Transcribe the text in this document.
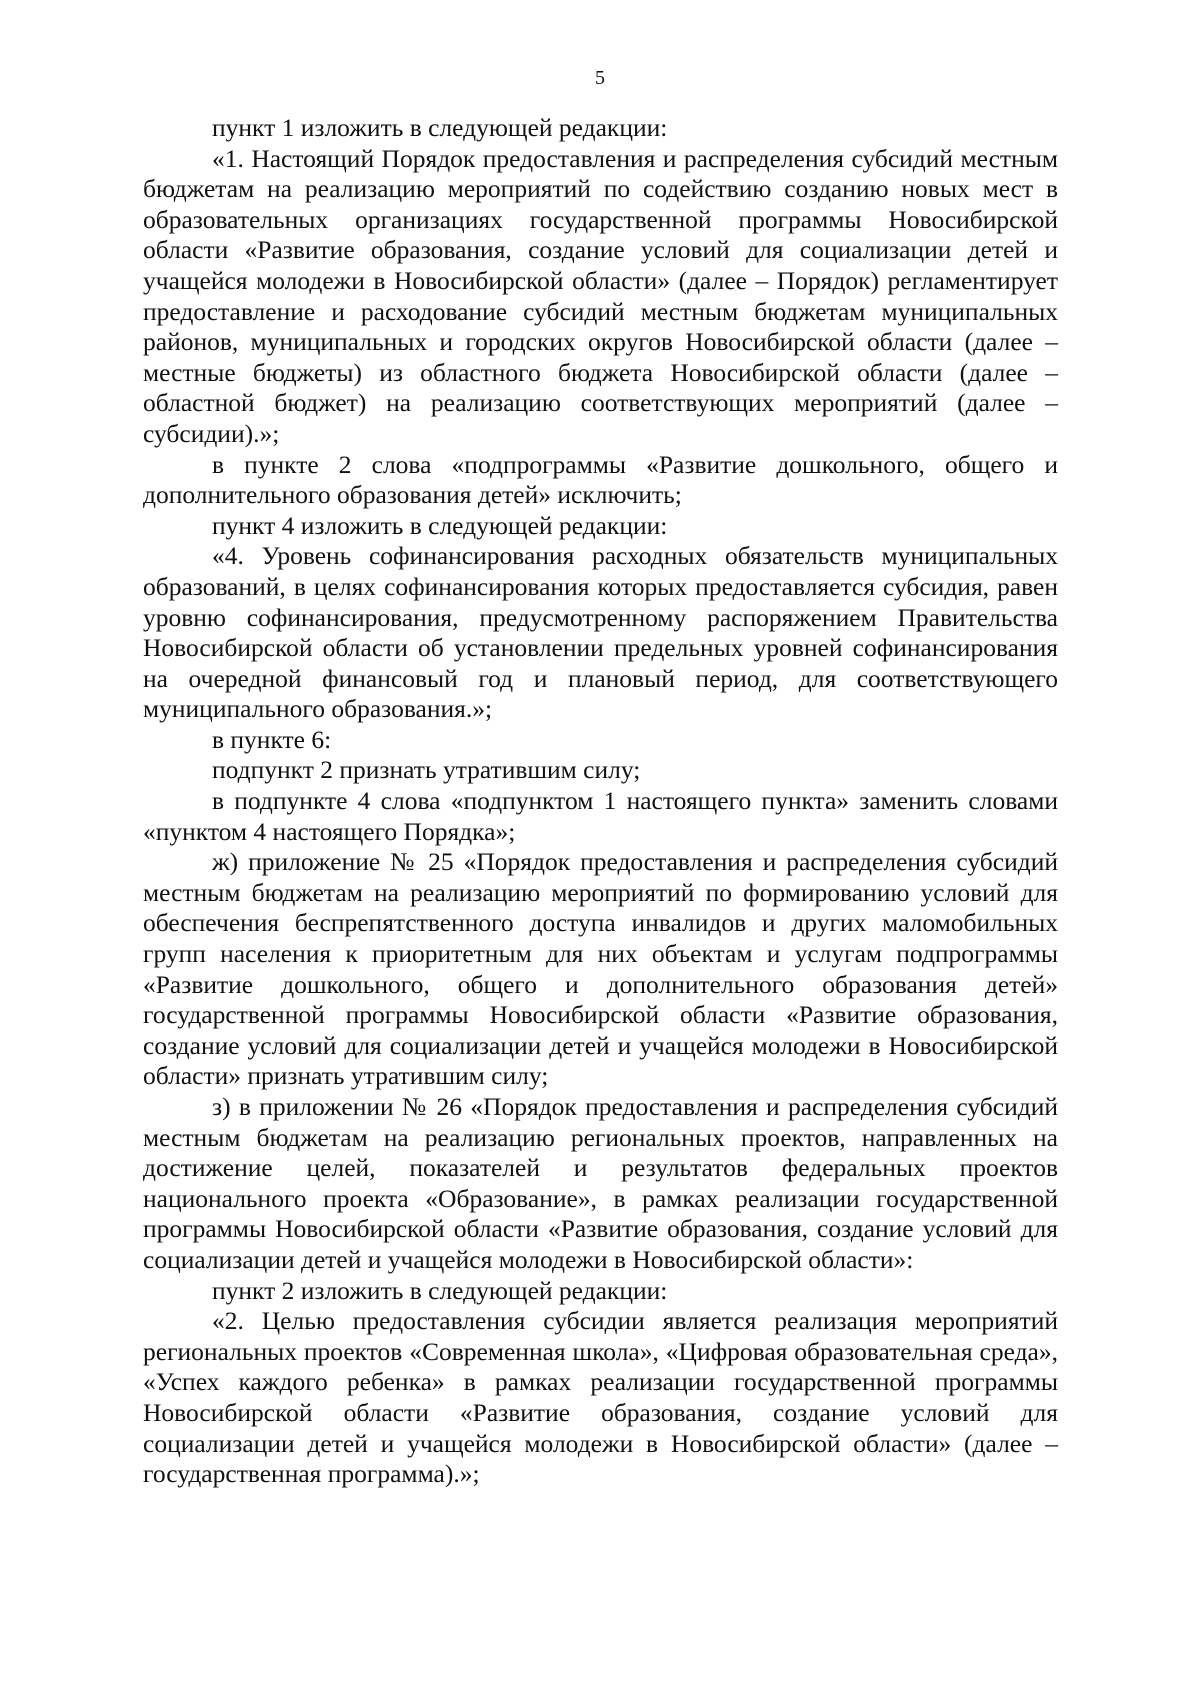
5

пункт 1 изложить в следующей редакции:

«1. Настоящий Порядок предоставления и распределения субсидий местным бюджетам на реализацию мероприятий по содействию созданию новых мест в образовательных организациях государственной программы Новосибирской области «Развитие образования, создание условий для социализации детей и учащейся молодежи в Новосибирской области» (далее – Порядок) регламентирует предоставление и расходование субсидий местным бюджетам муниципальных районов, муниципальных и городских округов Новосибирской области (далее – местные бюджеты) из областного бюджета Новосибирской области (далее – областной бюджет) на реализацию соответствующих мероприятий (далее – субсидии).»;

в пункте 2 слова «подпрограммы «Развитие дошкольного, общего и дополнительного образования детей» исключить;

пункт 4 изложить в следующей редакции:

«4. Уровень софинансирования расходных обязательств муниципальных образований, в целях софинансирования которых предоставляется субсидия, равен уровню софинансирования, предусмотренному распоряжением Правительства Новосибирской области об установлении предельных уровней софинансирования на очередной финансовый год и плановый период, для соответствующего муниципального образования.»;

в пункте 6:

подпункт 2 признать утратившим силу;

в подпункте 4 слова «подпунктом 1 настоящего пункта» заменить словами «пунктом 4 настоящего Порядка»;

ж) приложение № 25 «Порядок предоставления и распределения субсидий местным бюджетам на реализацию мероприятий по формированию условий для обеспечения беспрепятственного доступа инвалидов и других маломобильных групп населения к приоритетным для них объектам и услугам подпрограммы «Развитие дошкольного, общего и дополнительного образования детей» государственной программы Новосибирской области «Развитие образования, создание условий для социализации детей и учащейся молодежи в Новосибирской области» признать утратившим силу;

з) в приложении № 26 «Порядок предоставления и распределения субсидий местным бюджетам на реализацию региональных проектов, направленных на достижение целей, показателей и результатов федеральных проектов национального проекта «Образование», в рамках реализации государственной программы Новосибирской области «Развитие образования, создание условий для социализации детей и учащейся молодежи в Новосибирской области»:

пункт 2 изложить в следующей редакции:

«2. Целью предоставления субсидии является реализация мероприятий региональных проектов «Современная школа», «Цифровая образовательная среда», «Успех каждого ребенка» в рамках реализации государственной программы Новосибирской области «Развитие образования, создание условий для социализации детей и учащейся молодежи в Новосибирской области» (далее – государственная программа).»;
